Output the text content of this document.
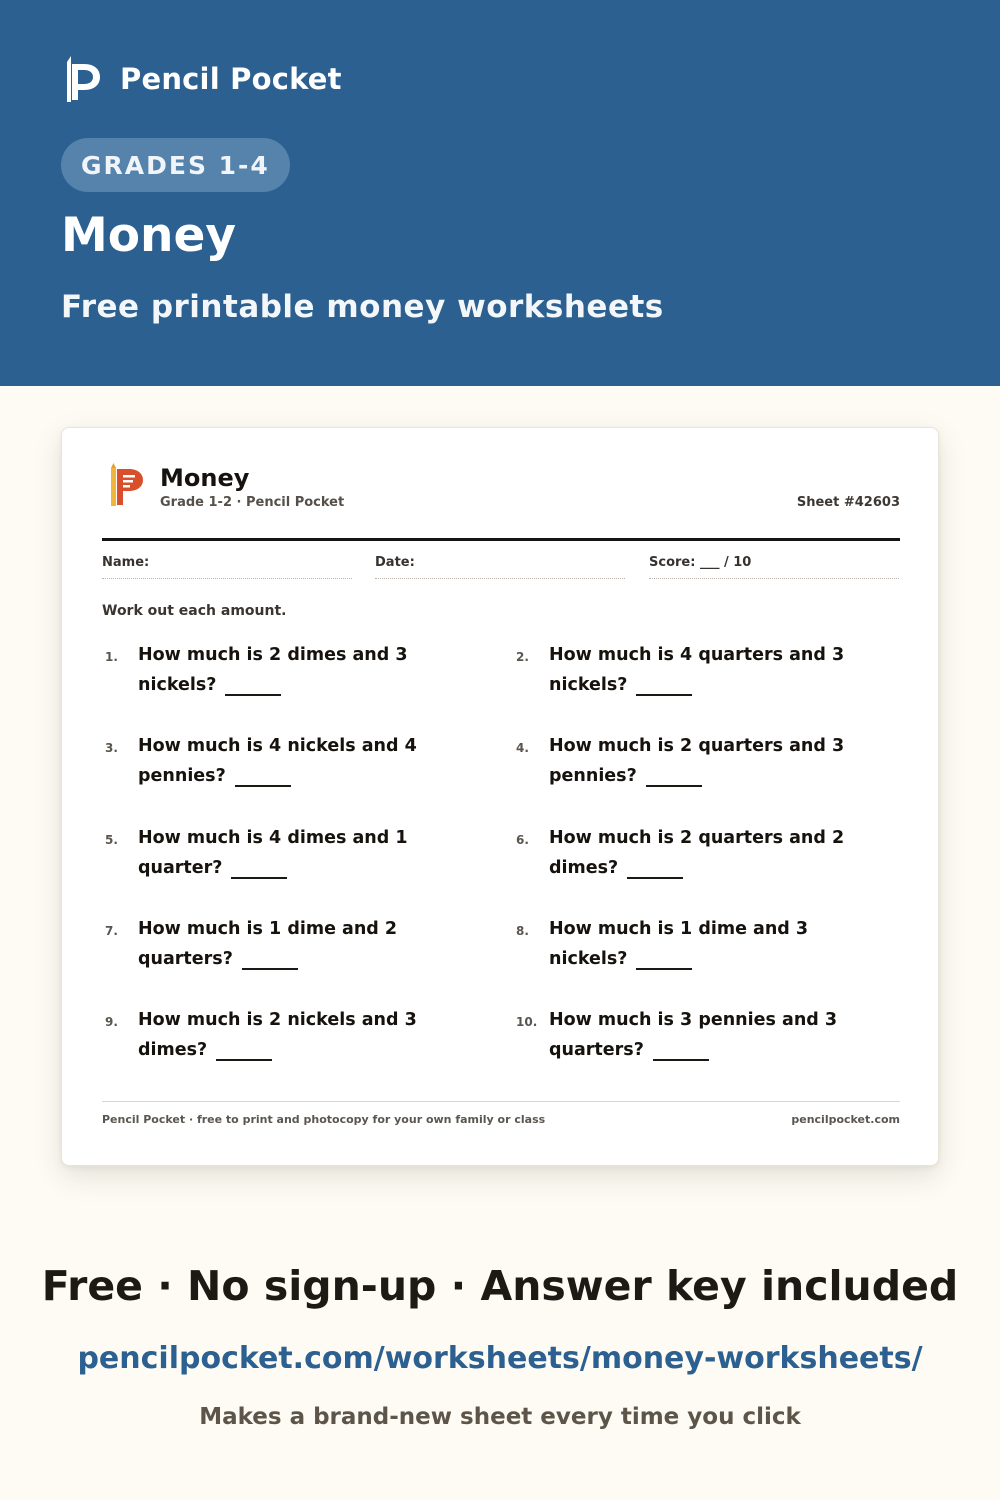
Pencil Pocket
GRADES 1-4
Money
Free printable money worksheets
Money
Grade 1-2 · Pencil Pocket	Sheet #42603
Name:	Date:	Score: ___ / 10
Work out each amount.
1. How much is 2 dimes and 3 nickels?
2. How much is 4 quarters and 3 nickels?
3. How much is 4 nickels and 4 pennies?
4. How much is 2 quarters and 3 pennies?
5. How much is 4 dimes and 1 quarter?
6. How much is 2 quarters and 2 dimes?
7. How much is 1 dime and 2 quarters?
8. How much is 1 dime and 3 nickels?
9. How much is 2 nickels and 3 dimes?
10. How much is 3 pennies and 3 quarters?
Pencil Pocket · free to print and photocopy for your own family or class	pencilpocket.com
Free · No sign-up · Answer key included
pencilpocket.com/worksheets/money-worksheets/
Makes a brand-new sheet every time you click
